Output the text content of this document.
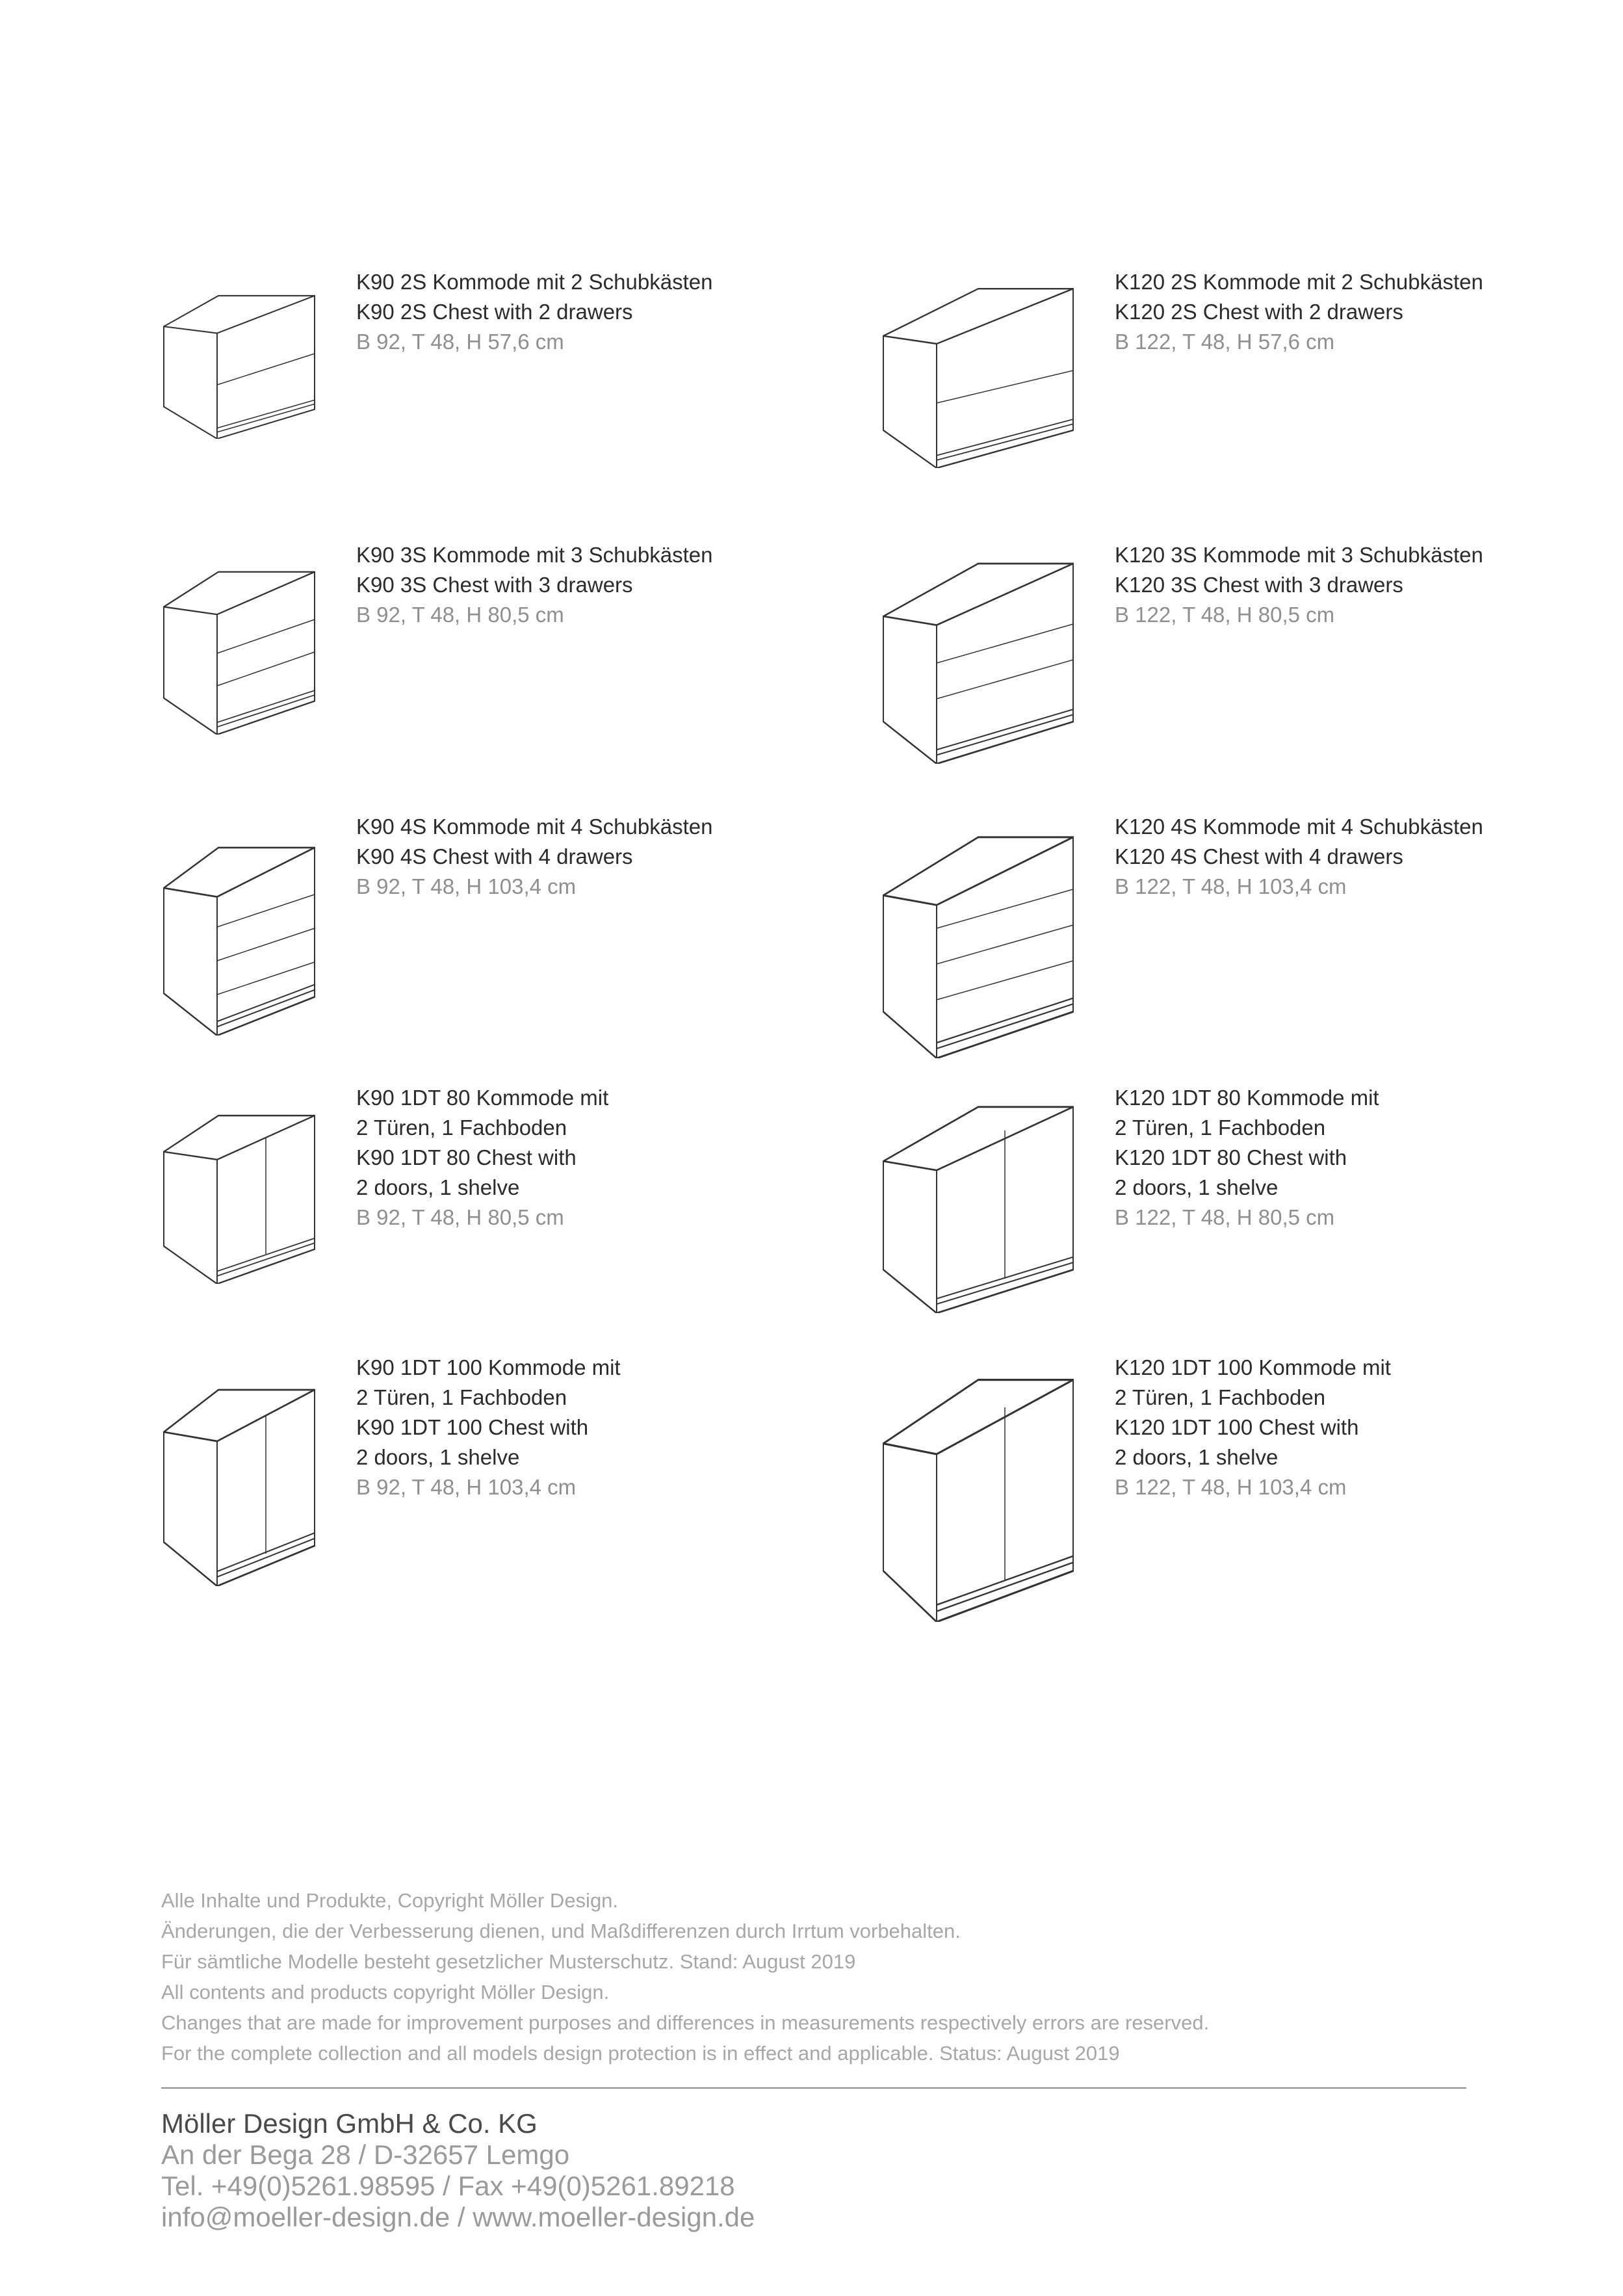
K90 2S Kommode mit 2 Schubkästen
K90 2S Chest with 2 drawers
B 92, T 48, H 57,6 cm
K120 2S Kommode mit 2 Schubkästen
K120 2S Chest with 2 drawers
B 122, T 48, H 57,6 cm
K90 3S Kommode mit 3 Schubkästen
K90 3S Chest with 3 drawers
B 92, T 48, H 80,5 cm
K120 3S Kommode mit 3 Schubkästen
K120 3S Chest with 3 drawers
B 122, T 48, H 80,5 cm
K90 4S Kommode mit 4 Schubkästen
K90 4S Chest with 4 drawers
B 92, T 48, H 103,4 cm
K120 4S Kommode mit 4 Schubkästen
K120 4S Chest with 4 drawers
B 122, T 48, H 103,4 cm
K90 1DT 80 Kommode mit
2 Türen, 1 Fachboden
K90 1DT 80 Chest with
2 doors, 1 shelve
B 92, T 48, H 80,5 cm
K120 1DT 80 Kommode mit
2 Türen, 1 Fachboden
K120 1DT 80 Chest with
2 doors, 1 shelve
B 122, T 48, H 80,5 cm
K90 1DT 100 Kommode mit
2 Türen, 1 Fachboden
K90 1DT 100 Chest with
2 doors, 1 shelve
B 92, T 48, H 103,4 cm
K120 1DT 100 Kommode mit
2 Türen, 1 Fachboden
K120 1DT 100 Chest with
2 doors, 1 shelve
B 122, T 48, H 103,4 cm
Alle Inhalte und Produkte, Copyright Möller Design.
Änderungen, die der Verbesserung dienen, und Maßdifferenzen durch Irrtum vorbehalten.
Für sämtliche Modelle besteht gesetzlicher Musterschutz. Stand: August 2019
All contents and products copyright Möller Design.
Changes that are made for improvement purposes and differences in measurements respectively errors are reserved.
For the complete collection and all models design protection is in effect and applicable. Status: August 2019
Möller Design GmbH & Co. KG
An der Bega 28 / D-32657 Lemgo
Tel. +49(0)5261.98595 / Fax +49(0)5261.89218
info@moeller-design.de / www.moeller-design.de
